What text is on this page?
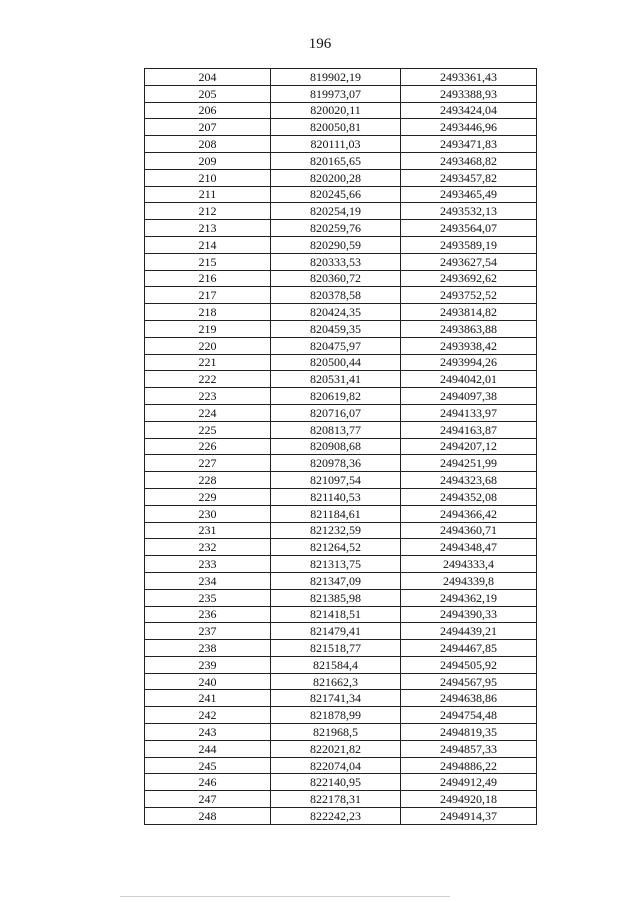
196
204	819902,19	2493361,43
205	819973,07	2493388,93
206	820020,11	2493424,04
207	820050,81	2493446,96
208	820111,03	2493471,83
209	820165,65	2493468,82
210	820200,28	2493457,82
211	820245,66	2493465,49
212	820254,19	2493532,13
213	820259,76	2493564,07
214	820290,59	2493589,19
215	820333,53	2493627,54
216	820360,72	2493692,62
217	820378,58	2493752,52
218	820424,35	2493814,82
219	820459,35	2493863,88
220	820475,97	2493938,42
221	820500,44	2493994,26
222	820531,41	2494042,01
223	820619,82	2494097,38
224	820716,07	2494133,97
225	820813,77	2494163,87
226	820908,68	2494207,12
227	820978,36	2494251,99
228	821097,54	2494323,68
229	821140,53	2494352,08
230	821184,61	2494366,42
231	821232,59	2494360,71
232	821264,52	2494348,47
233	821313,75	2494333,4
234	821347,09	2494339,8
235	821385,98	2494362,19
236	821418,51	2494390,33
237	821479,41	2494439,21
238	821518,77	2494467,85
239	821584,4	2494505,92
240	821662,3	2494567,95
241	821741,34	2494638,86
242	821878,99	2494754,48
243	821968,5	2494819,35
244	822021,82	2494857,33
245	822074,04	2494886,22
246	822140,95	2494912,49
247	822178,31	2494920,18
248	822242,23	2494914,37
